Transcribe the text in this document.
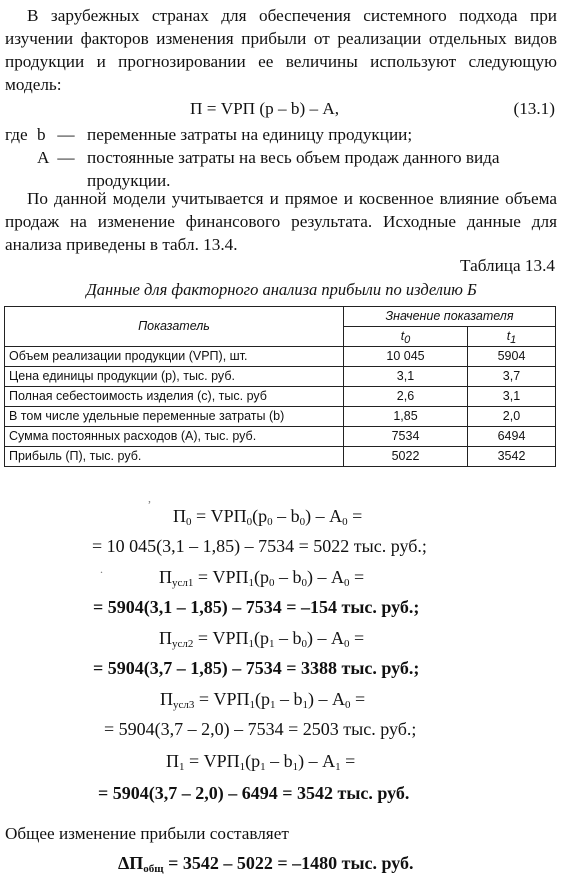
В зарубежных странах для обеспечения системного подхода при изучении факторов изменения прибыли от реализации отдельных видов продукции и прогнозировании ее величины используют следующую модель:
П = VРП (р – b) – А,	(13.1)
где b — переменные затраты на единицу продукции;
А — постоянные затраты на весь объем продаж данного вида продукции.
По данной модели учитывается и прямое и косвенное влияние объема продаж на изменение финансового результата. Исходные данные для анализа приведены в табл. 13.4.
Таблица 13.4
Данные для факторного анализа прибыли по изделию Б
Показатель	Значение показателя	
	$t_0$	$t_1$
Объем реализации продукции (VPП), шт.	10 045	5904
Цена единицы продукции (р), тыс. руб.	3,1	3,7
Полная себестоимость изделия (с), тыс. руб	2,6	3,1
В том числе удельные переменные затраты (b)	1,85	2,0
Сумма постоянных расходов (А), тыс. руб.	7534	6494
Прибыль (П), тыс. руб.	5022	3542
,
.
$П_0 = VРП_0(р_0 - b_0) - А_0$ =
= 10 045(3,1 – 1,85) – 7534 = 5022 тыс. руб.;
$П_{усл1} = VРП_1(р_0 - b_0) - А_0$ =
= 5904(3,1 – 1,85) – 7534 = –154 тыс. руб.;
$П_{усл2} = VРП_1(р_1 - b_0) - А_0$ =
= 5904(3,7 – 1,85) – 7534 = 3388 тыс. руб.;
$П_{усл3} = VРП_1(р_1 - b_1) - А_0$ =
= 5904(3,7 – 2,0) – 7534 = 2503 тыс. руб.;
$П_1 = VРП_1(р_1 - b_1) - А_1$ =
= 5904(3,7 – 2,0) – 6494 = 3542 тыс. руб.
Общее изменение прибыли составляет
$\Delta П_{общ} = 3542 - 5022 = -1480$ тыс. руб.
